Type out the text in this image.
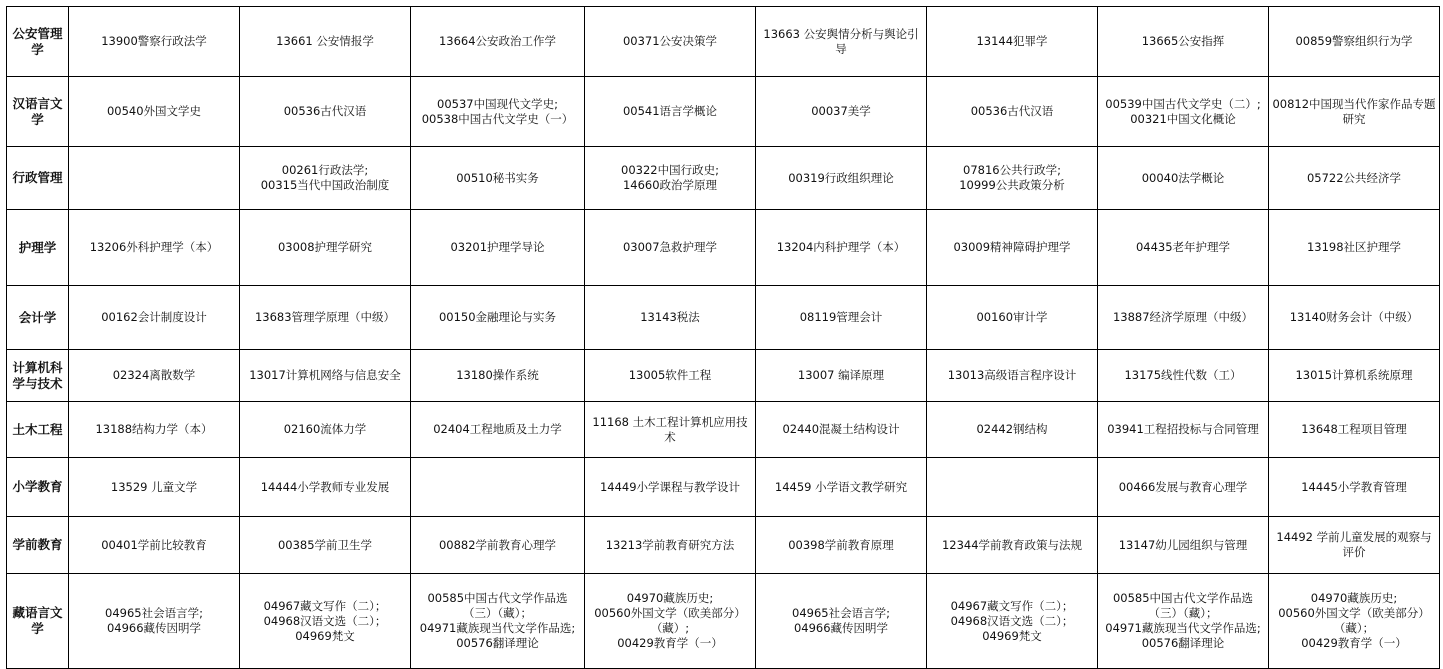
公安管理学	13900警察行政法学	13661 公安情报学	13664公安政治工作学	00371公安决策学	13663 公安舆情分析与舆论引导	13144犯罪学	13665公安指挥	00859警察组织行为学

汉语言文学	00540外国文学史	00536古代汉语	00537中国现代文学史;
00538中国古代文学史（一）	00541语言学概论	00037美学	00536古代汉语	00539中国古代文学史（二）;
00321中国文化概论	00812中国现当代作家作品专题研究

行政管理		00261行政法学;
00315当代中国政治制度	00510秘书实务	00322中国行政史;
14660政治学原理	00319行政组织理论	07816公共行政学;
10999公共政策分析	00040法学概论	05722公共经济学

护理学	13206外科护理学（本）	03008护理学研究	03201护理学导论	03007急救护理学	13204内科护理学（本）	03009精神障碍护理学	04435老年护理学	13198社区护理学

会计学	00162会计制度设计	13683管理学原理（中级）	00150金融理论与实务	13143税法	08119管理会计	00160审计学	13887经济学原理（中级）	13140财务会计（中级）

计算机科学与技术	02324离散数学	13017计算机网络与信息安全	13180操作系统	13005软件工程	13007 编译原理	13013高级语言程序设计	13175线性代数（工）	13015计算机系统原理

土木工程	13188结构力学（本）	02160流体力学	02404工程地质及土力学	11168 土木工程计算机应用技术	02440混凝土结构设计	02442钢结构	03941工程招投标与合同管理	13648工程项目管理

小学教育	13529 儿童文学	14444小学教师专业发展		14449小学课程与教学设计	14459 小学语文教学研究		00466发展与教育心理学	14445小学教育管理

学前教育	00401学前比较教育	00385学前卫生学	00882学前教育心理学	13213学前教育研究方法	00398学前教育原理	12344学前教育政策与法规	13147幼儿园组织与管理	14492 学前儿童发展的观察与评价

藏语言文学	04965社会语言学;
04966藏传因明学	04967藏文写作（二）；
04968汉语文选（二）；
04969梵文	00585中国古代文学作品选（三）（藏）；
04971藏族现当代文学作品选;
00576翻译理论	04970藏族历史;
00560外国文学（欧美部分）（藏）;
00429教育学（一）	04965社会语言学;
04966藏传因明学	04967藏文写作（二）；
04968汉语文选（二）；
04969梵文	00585中国古代文学作品选（三）（藏）；
04971藏族现当代文学作品选;
00576翻译理论	04970藏族历史;
00560外国文学（欧美部分）（藏）；
00429教育学（一）
